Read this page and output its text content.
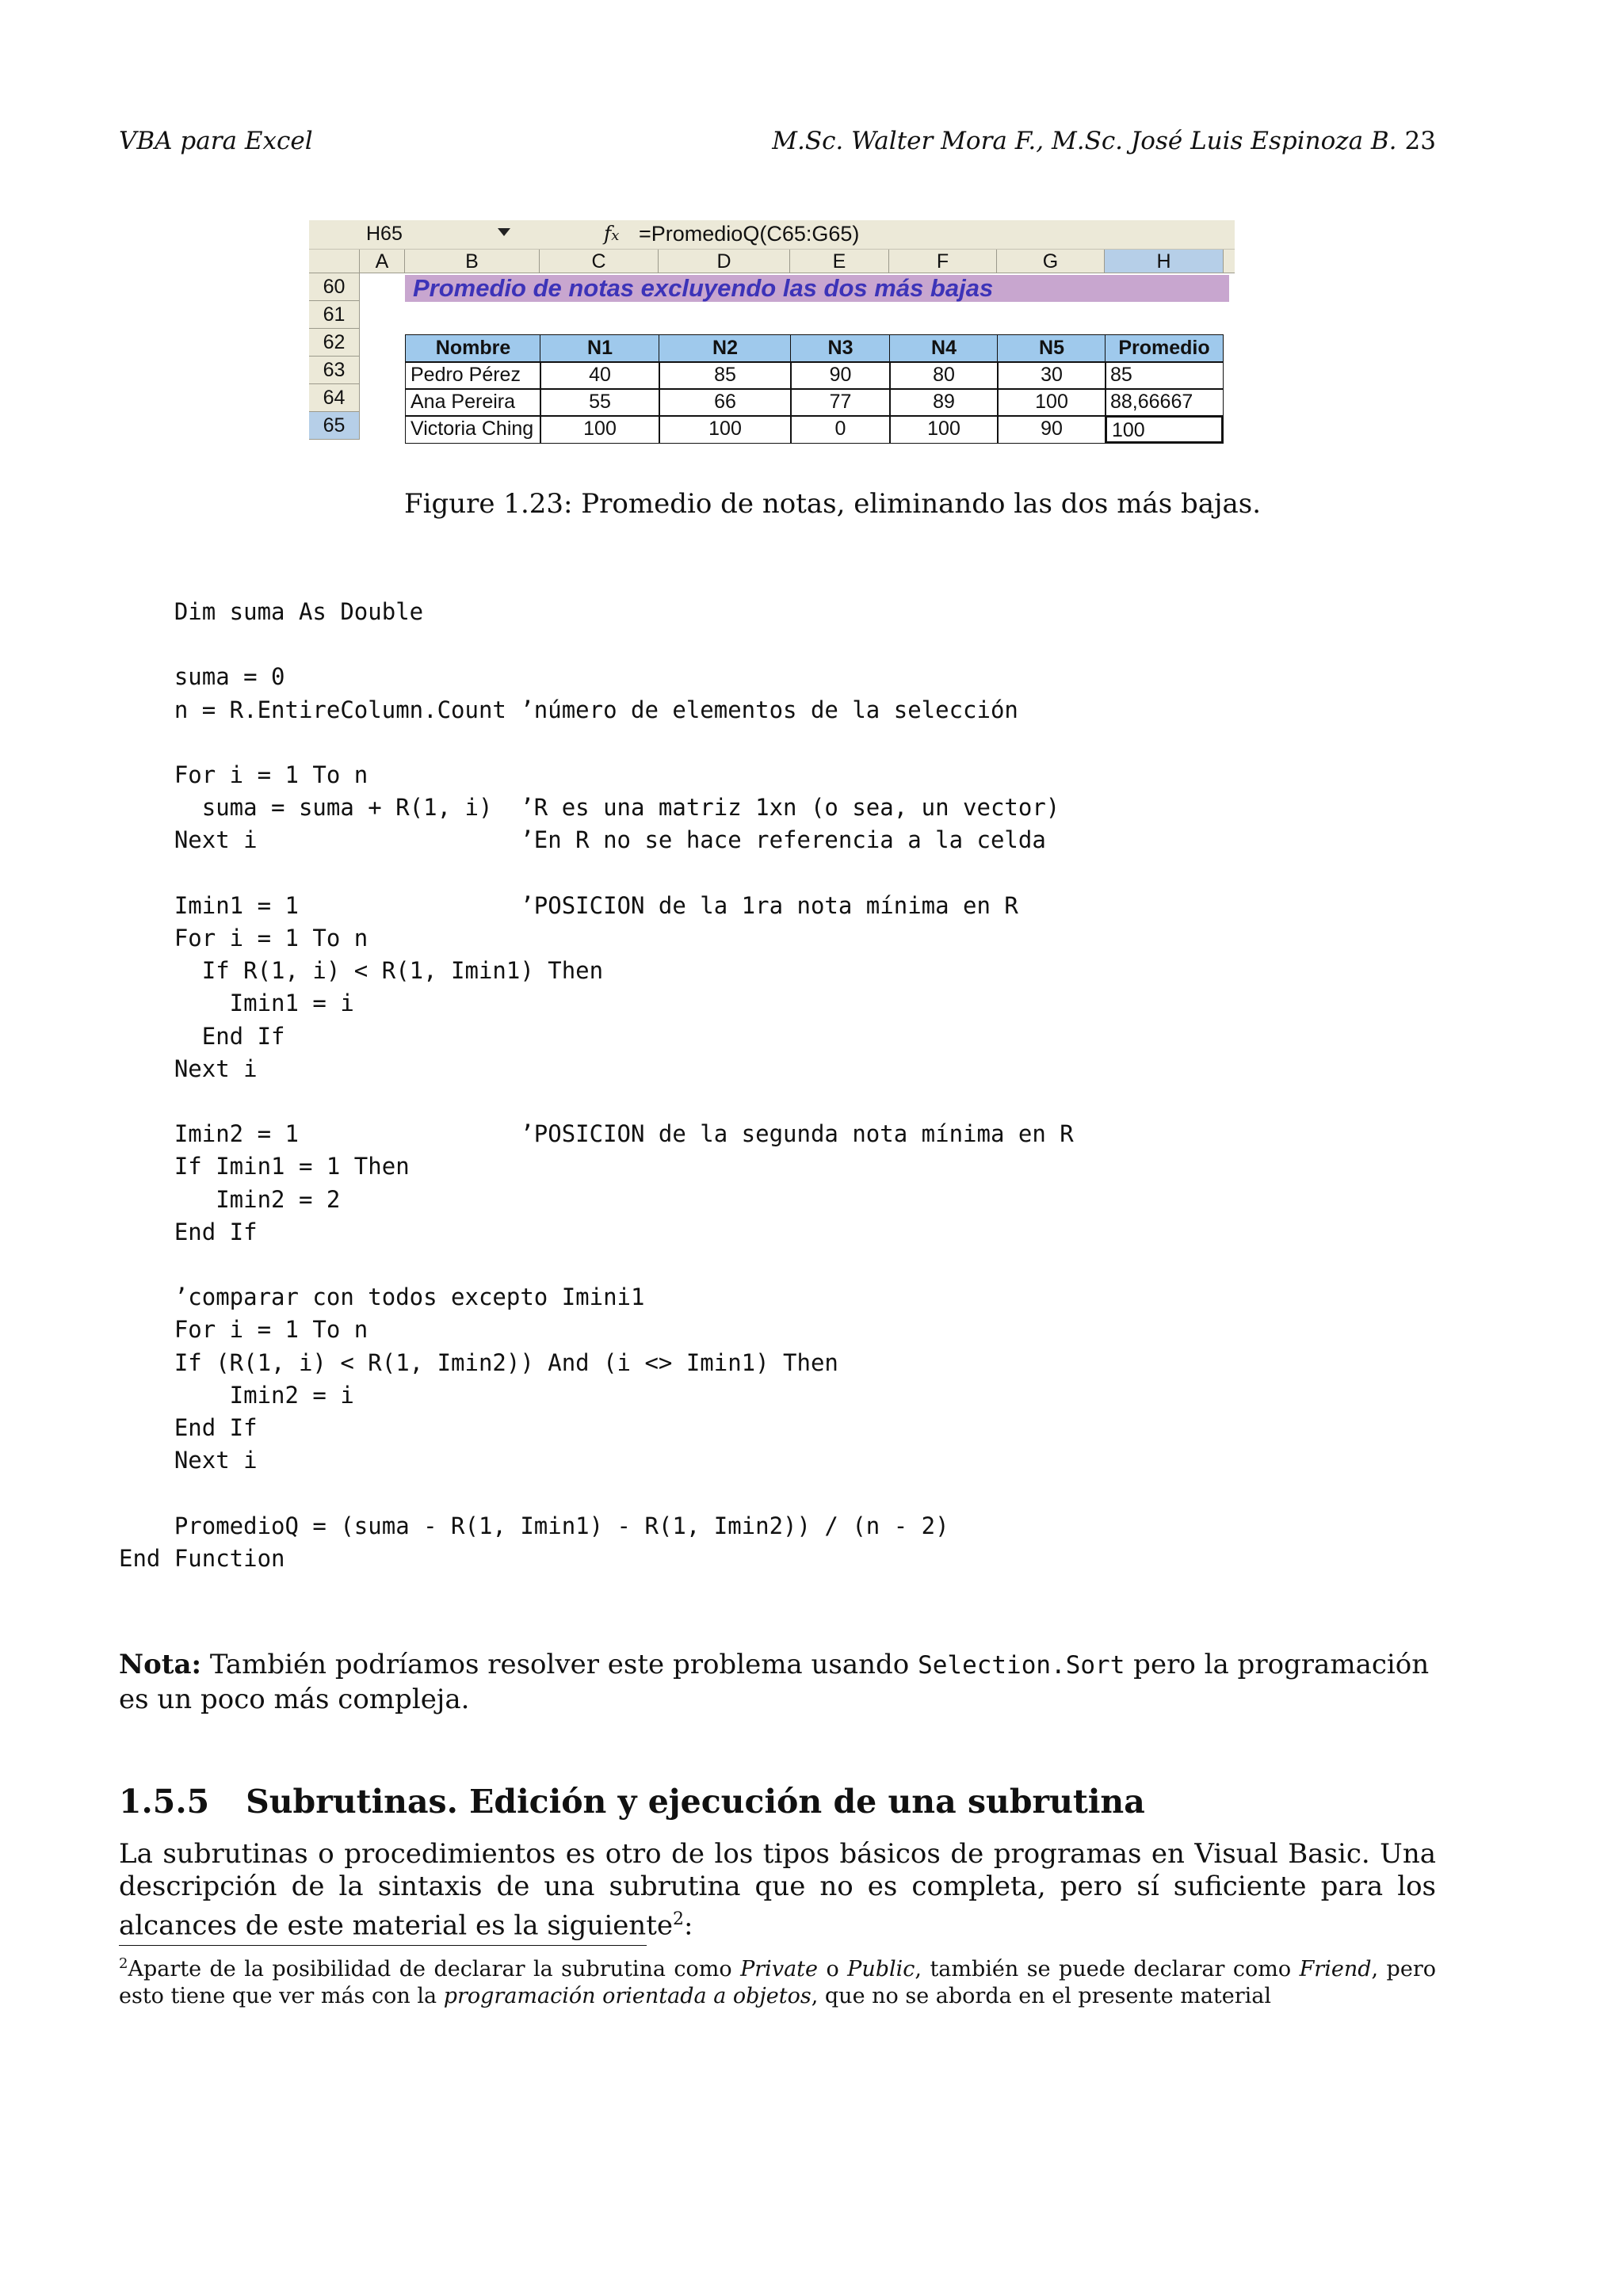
VBA para Excel	M.Sc. Walter Mora F., M.Sc. José Luis Espinoza B. 23
H65	fx =PromedioQ(C65:G65)
A	B	C	D	E	F	G	H
60
61
62
63
64
65
Promedio de notas excluyendo las dos más bajas
Nombre	N1	N2	N3	N4	N5	Promedio
Pedro Pérez	40	85	90	80	30	85
Ana Pereira	55	66	77	89	100	88,66667
Victoria Ching	100	100	0	100	90	100
Figure 1.23: Promedio de notas, eliminando las dos más bajas.
Dim suma As Double

suma = 0
n = R.EntireColumn.Count ’número de elementos de la selección

For i = 1 To n
suma = suma + R(1, i)  ’R es una matriz 1xn (o sea, un vector)
Next i                   ’En R no se hace referencia a la celda

Imin1 = 1                ’POSICION de la 1ra nota mínima en R
For i = 1 To n
If R(1, i) < R(1, Imin1) Then
Imin1 = i
End If
Next i

Imin2 = 1                ’POSICION de la segunda nota mínima en R
If Imin1 = 1 Then
Imin2 = 2
End If

’comparar con todos excepto Imini1
For i = 1 To n
If (R(1, i) < R(1, Imin2)) And (i <> Imin1) Then
Imin2 = i
End If
Next i

PromedioQ = (suma - R(1, Imin1) - R(1, Imin2)) / (n - 2)
End Function
Nota: También podríamos resolver este problema usando Selection.Sort pero la programación es un poco más compleja.
1.5.5 Subrutinas. Edición y ejecución de una subrutina
La subrutinas o procedimientos es otro de los tipos básicos de programas en Visual Basic. Una descripción de la sintaxis de una subrutina que no es completa, pero sí suficiente para los alcances de este material es la siguiente$^2$:
$^2$Aparte de la posibilidad de declarar la subrutina como Private o Public, también se puede declarar como Friend, pero esto tiene que ver más con la programación orientada a objetos, que no se aborda en el presente material
